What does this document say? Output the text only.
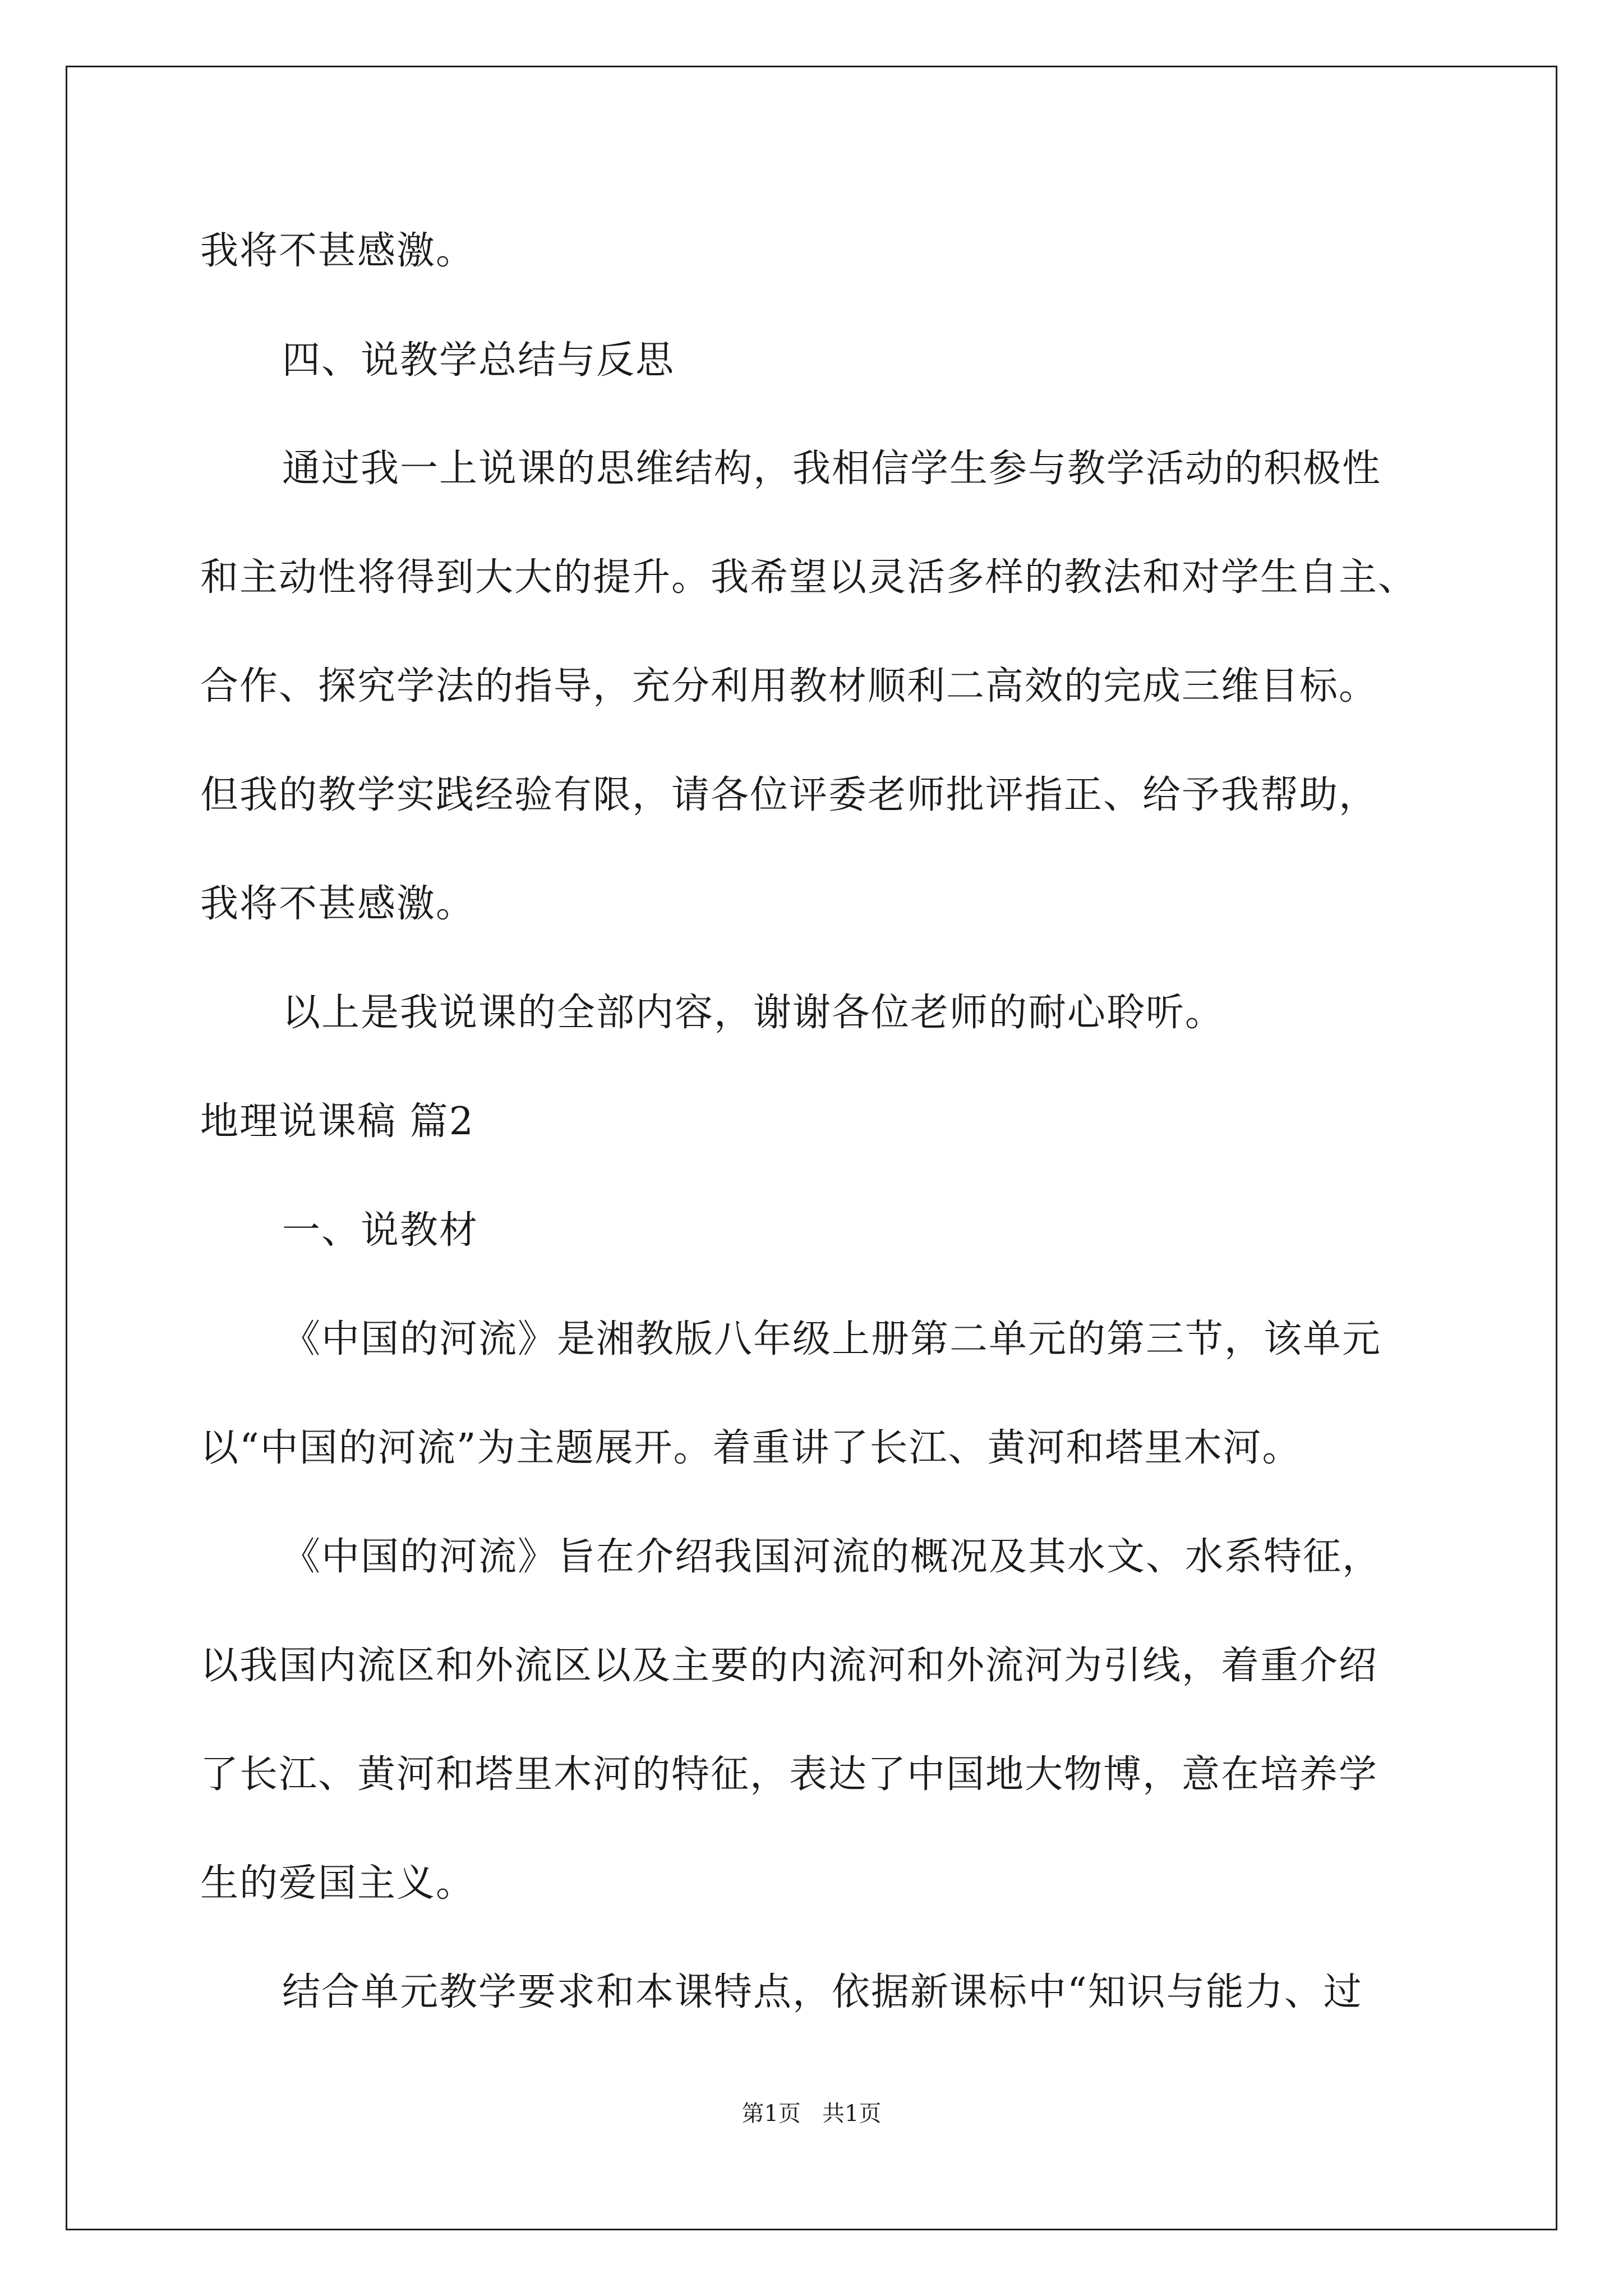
我将不甚感激。
四、说教学总结与反思
通过我一上说课的思维结构，我相信学生参与教学活动的积极性
和主动性将得到大大的提升。我希望以灵活多样的教法和对学生自主、
合作、探究学法的指导，充分利用教材顺利二高效的完成三维目标。
但我的教学实践经验有限，请各位评委老师批评指正、给予我帮助，
我将不甚感激。
以上是我说课的全部内容，谢谢各位老师的耐心聆听。
地理说课稿 篇2
一、说教材
《中国的河流》是湘教版八年级上册第二单元的第三节，该单元
以“中国的河流”为主题展开。着重讲了长江、黄河和塔里木河。
《中国的河流》旨在介绍我国河流的概况及其水文、水系特征，
以我国内流区和外流区以及主要的内流河和外流河为引线，着重介绍
了长江、黄河和塔里木河的特征，表达了中国地大物博，意在培养学
生的爱国主义。
结合单元教学要求和本课特点，依据新课标中“知识与能力、过
第1页   共1页
